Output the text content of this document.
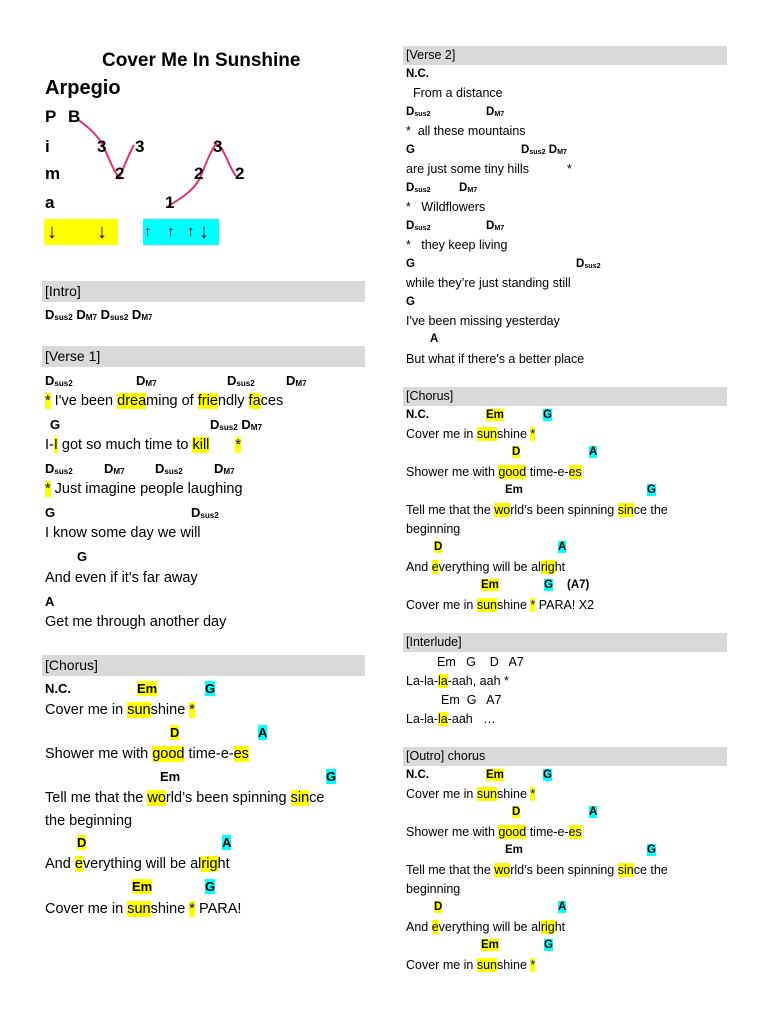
Cover Me In Sunshine
Arpegio
P
i
m
a
B
3 3
2
1
2
3
2
↓ ↓ ↑ ↑ ↑ ↓
[Intro]
$D_{sus2}$ $D_{M7}$ $D_{sus2}$ $D_{M7}$
[Verse 1]
$D_{sus2}$	$D_{M7}$	$D_{sus2}$ $D_{M7}$
* I've been dreaming of friendly faces
G	$D_{sus2}$ $D_{M7}$
I-I got so much time to kill *
$D_{sus2}$ $D_{M7}$ $D_{sus2}$ $D_{M7}$
* Just imagine people laughing
G	$D_{sus2}$
I know some day we will
G
And even if it's far away
A
Get me through another day
[Chorus]
N.C.	Em	G
Cover me in sunshine *
D	A
Shower me with good time-e-es
Em	G
Tell me that the world’s been spinning since
the beginning
D	A
And everything will be alright
Em	G
Cover me in sunshine * PARA!
[Verse 2]
N.C.
From a distance
$D_{sus2}$	$D_{M7}$
* all these mountains
G	$D_{sus2}$ $D_{M7}$
are just some tiny hills	*
$D_{sus2}$ $D_{M7}$
* Wildflowers
$D_{sus2}$	$D_{M7}$
* they keep living
G	$D_{sus2}$
while they’re just standing still
G
I've been missing yesterday
A
But what if there's a better place
[Chorus]
N.C.	Em	G
Cover me in sunshine *
D	A
Shower me with good time-e-es
Em	G
Tell me that the world’s been spinning since the
beginning
D	A
And everything will be alright
Em	G (A7)
Cover me in sunshine * PARA! X2
[Interlude]
Em   G    D   A7
La-la-la-aah, aah *
Em  G   A7
La-la-la-aah   …
[Outro] chorus
N.C.	Em	G
Cover me in sunshine *
D	A
Shower me with good time-e-es
Em	G
Tell me that the world’s been spinning since the
beginning
D	A
And everything will be alright
Em	G
Cover me in sunshine *
